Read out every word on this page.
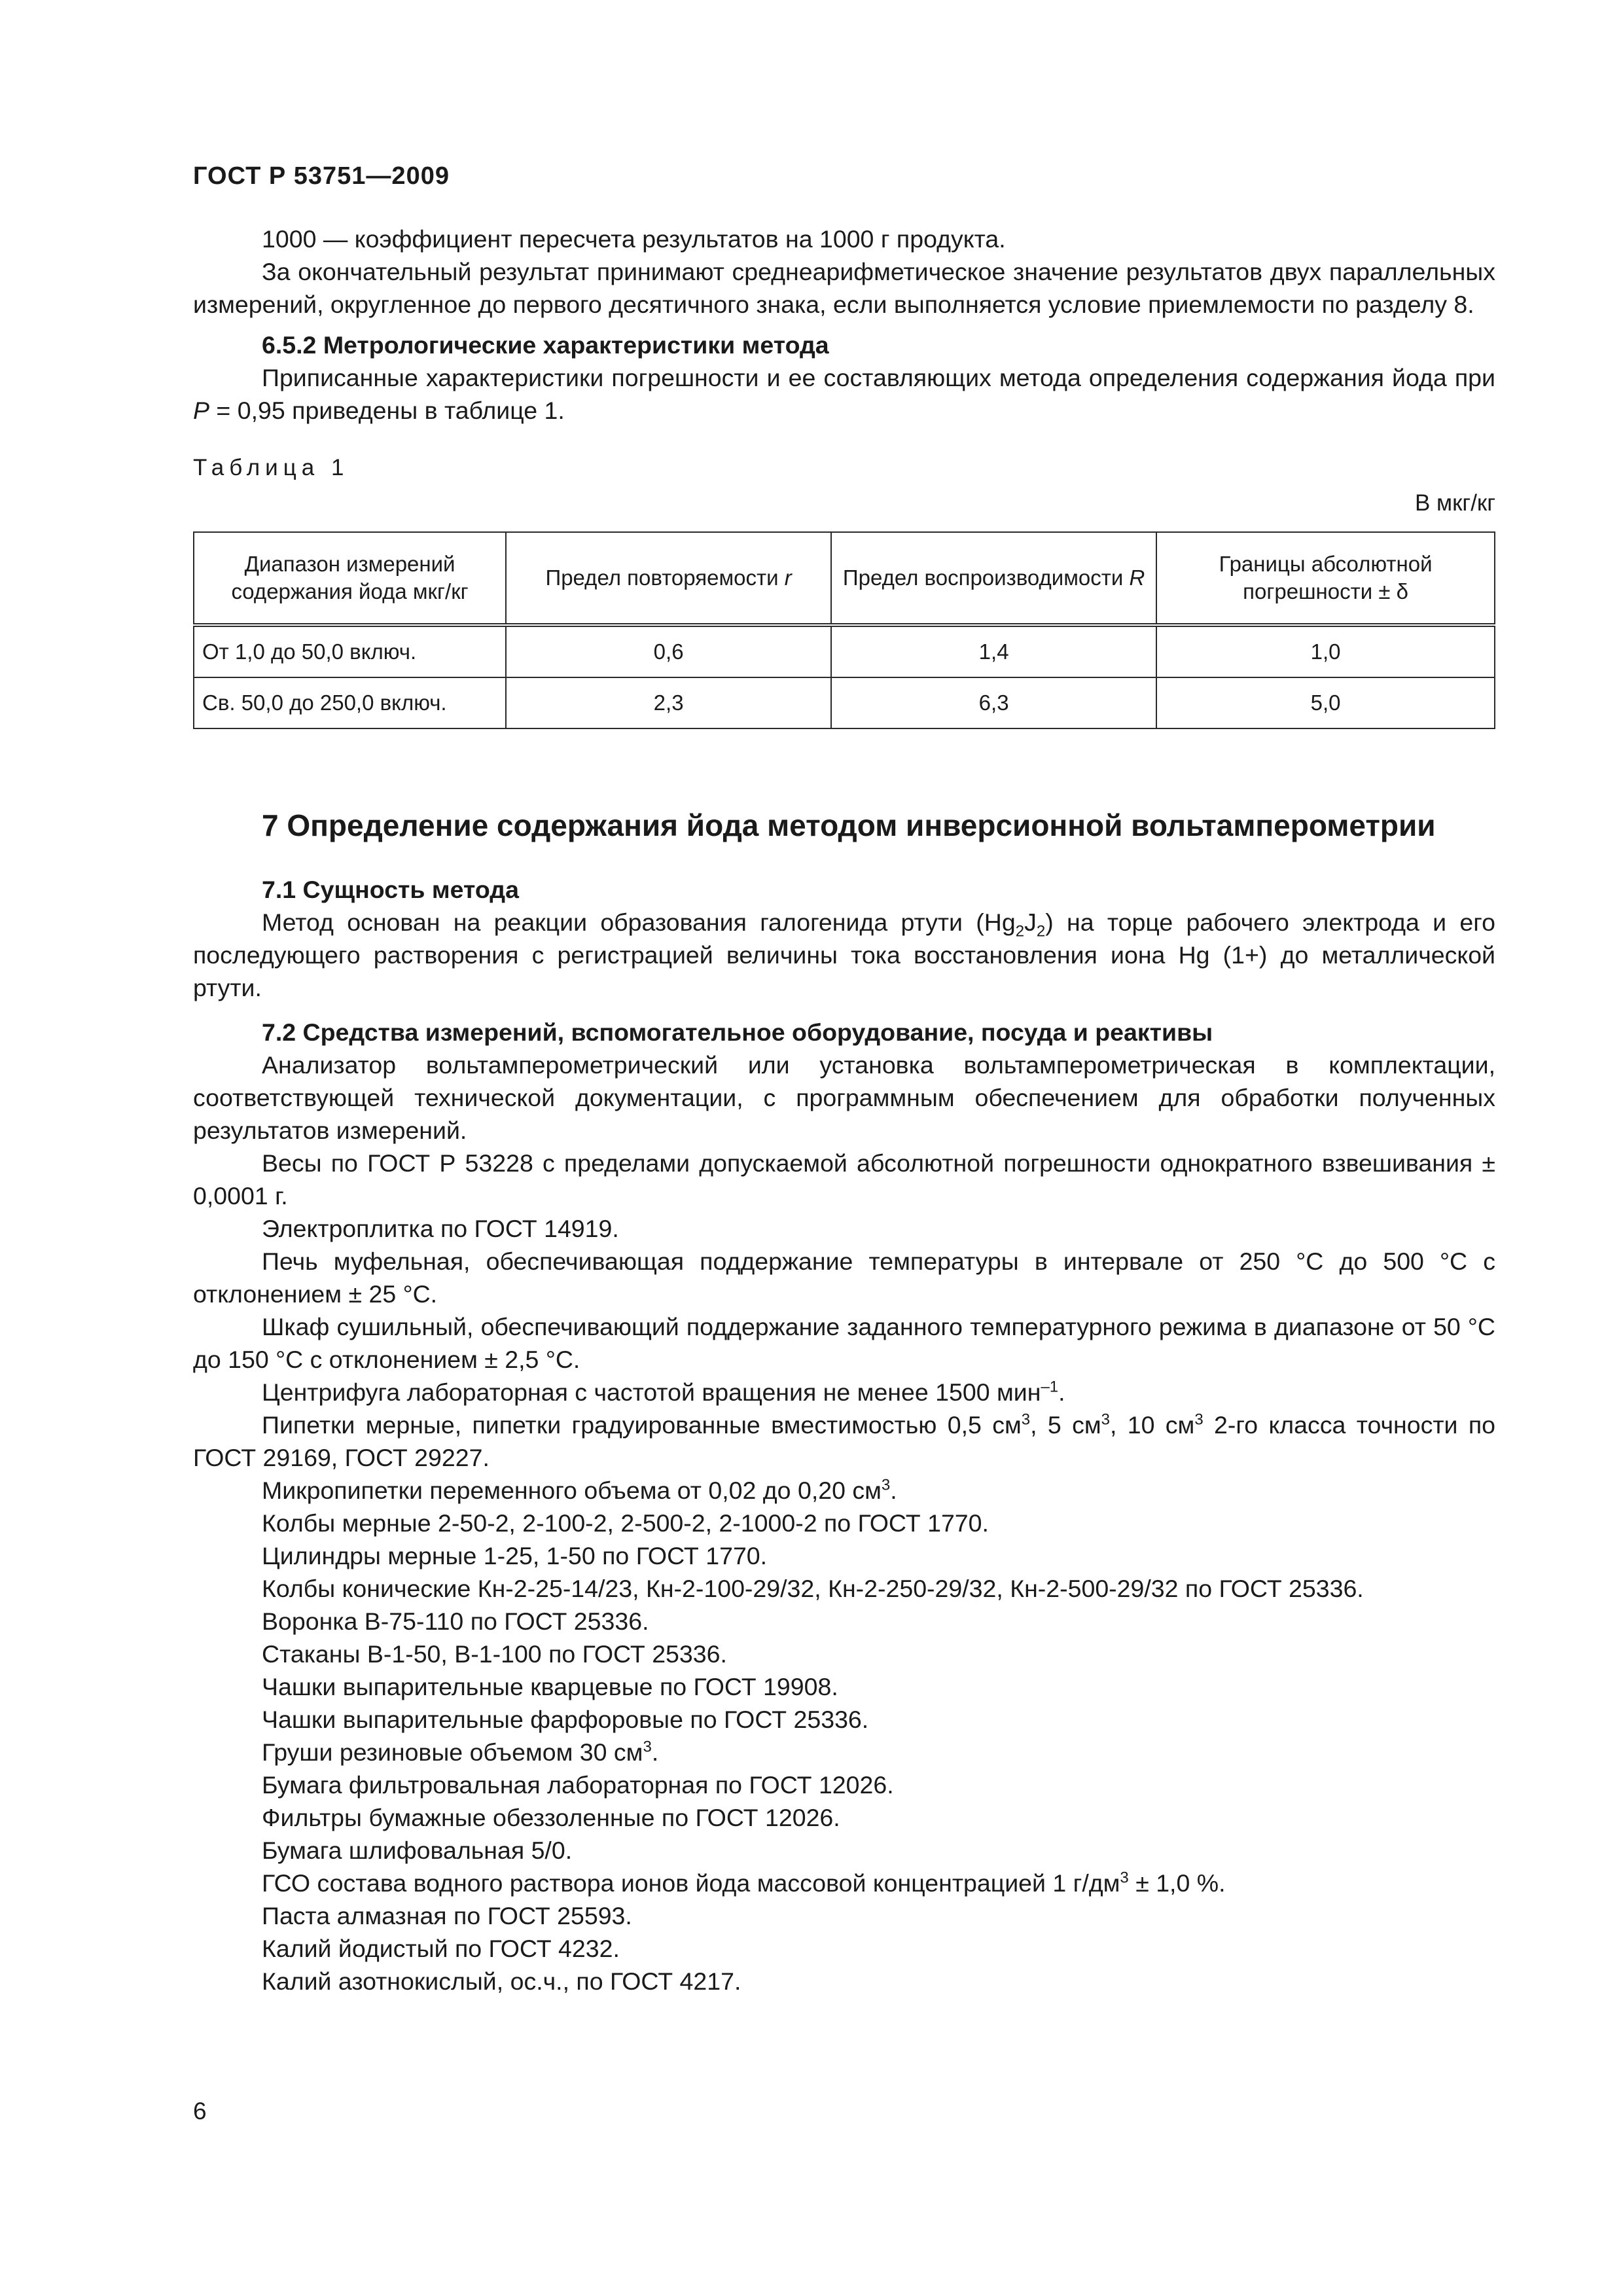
ГОСТ Р 53751—2009

1000 — коэффициент пересчета результатов на 1000 г продукта.

За окончательный результат принимают среднеарифметическое значение результатов двух параллельных измерений, округленное до первого десятичного знака, если выполняется условие приемлемости по разделу 8.

6.5.2 Метрологические характеристики метода

Приписанные характеристики погрешности и ее составляющих метода определения содержания йода при P = 0,95 приведены в таблице 1.

Таблица 1
В мкг/кг
Диапазон измерений содержания йода мкг/кг	Предел повторяемости r	Предел воспроизводимости R	Границы абсолютной погрешности ± δ
От 1,0 до 50,0 включ.	0,6	1,4	1,0
Св. 50,0 до 250,0 включ.	2,3	6,3	5,0
7 Определение содержания йода методом инверсионной вольтамперометрии

7.1 Сущность метода

Метод основан на реакции образования галогенида ртути $(Hg_2J_2)$ на торце рабочего электрода и его последующего растворения с регистрацией величины тока восстановления иона Hg (1+) до металлической ртути.

7.2 Средства измерений, вспомогательное оборудование, посуда и реактивы

Анализатор вольтамперометрический или установка вольтамперометрическая в комплектации, соответствующей технической документации, с программным обеспечением для обработки полученных результатов измерений.

Весы по ГОСТ Р 53228 с пределами допускаемой абсолютной погрешности однократного взвешивания ± 0,0001 г.

Электроплитка по ГОСТ 14919.

Печь муфельная, обеспечивающая поддержание температуры в интервале от 250 °С до 500 °С с отклонением ± 25 °С.

Шкаф сушильный, обеспечивающий поддержание заданного температурного режима в диапазоне от 50 °С до 150 °С с отклонением ± 2,5 °С.

Центрифуга лабораторная с частотой вращения не менее 1500 мин$^{-1}$.

Пипетки мерные, пипетки градуированные вместимостью 0,5 $см^3$, 5 $см^3$, 10 $см^3$ 2-го класса точности по ГОСТ 29169, ГОСТ 29227.

Микропипетки переменного объема от 0,02 до 0,20 $см^3$.

Колбы мерные 2-50-2, 2-100-2, 2-500-2, 2-1000-2 по ГОСТ 1770.

Цилиндры мерные 1-25, 1-50 по ГОСТ 1770.

Колбы конические Кн-2-25-14/23, Кн-2-100-29/32, Кн-2-250-29/32, Кн-2-500-29/32 по ГОСТ 25336.

Воронка В-75-110 по ГОСТ 25336.

Стаканы В-1-50, В-1-100 по ГОСТ 25336.

Чашки выпарительные кварцевые по ГОСТ 19908.

Чашки выпарительные фарфоровые по ГОСТ 25336.

Груши резиновые объемом 30 $см^3$.

Бумага фильтровальная лабораторная по ГОСТ 12026.

Фильтры бумажные обеззоленные по ГОСТ 12026.

Бумага шлифовальная 5/0.

ГСО состава водного раствора ионов йода массовой концентрацией 1 $г/дм^3 \pm 1,0$ %.

Паста алмазная по ГОСТ 25593.

Калий йодистый по ГОСТ 4232.

Калий азотнокислый, ос.ч., по ГОСТ 4217.

6
